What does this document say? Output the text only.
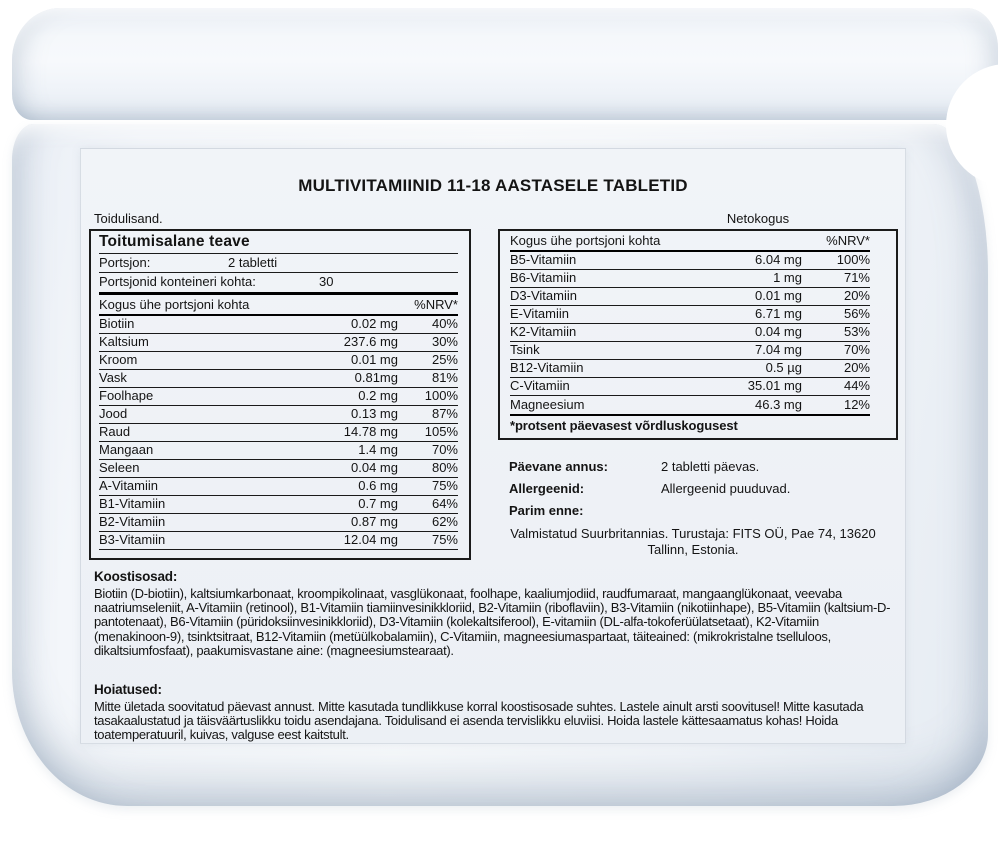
MULTIVITAMIINID 11-18 AASTASELE TABLETID
Toidulisand.	Netokogus
Toitumisalane teave
Portsjon:	2 tabletti
Portsjonid konteineri kohta:	30
Kogus ühe portsjoni kohta	%NRV*
Biotiin	0.02 mg	40%
Kaltsium	237.6 mg	30%
Kroom	0.01 mg	25%
Vask	0.81mg	81%
Foolhape	0.2 mg	100%
Jood	0.13 mg	87%
Raud	14.78 mg	105%
Mangaan	1.4 mg	70%
Seleen	0.04 mg	80%
A-Vitamiin	0.6 mg	75%
B1-Vitamiin	0.7 mg	64%
B2-Vitamiin	0.87 mg	62%
B3-Vitamiin	12.04 mg	75%
Kogus ühe portsjoni kohta	%NRV*
B5-Vitamiin	6.04 mg	100%
B6-Vitamiin	1 mg	71%
D3-Vitamiin	0.01 mg	20%
E-Vitamiin	6.71 mg	56%
K2-Vitamiin	0.04 mg	53%
Tsink	7.04 mg	70%
B12-Vitamiin	0.5 µg	20%
C-Vitamiin	35.01 mg	44%
Magneesium	46.3 mg	12%
*protsent päevasest võrdluskogusest
Päevane annus:	2 tabletti päevas.
Allergeenid:	Allergeenid puuduvad.
Parim enne:
Valmistatud Suurbritannias. Turustaja: FITS OÜ, Pae 74, 13620 Tallinn, Estonia.
Koostisosad:
Biotiin (D-biotiin), kaltsiumkarbonaat, kroompikolinaat, vasglükonaat, foolhape, kaaliumjodiid, raudfumaraat, mangaanglükonaat, veevaba naatriumseleniit, A-Vitamiin (retinool), B1-Vitamiin tiamiinvesinikkloriid, B2-Vitamiin (riboflaviin), B3-Vitamiin (nikotiinhape), B5-Vitamiin (kaltsium-D-pantotenaat), B6-Vitamiin (püridoksiinvesinikkloriid), D3-Vitamiin (kolekaltsiferool), E-vitamiin (DL-alfa-tokoferüülatsetaat), K2-Vitamiin (menakinoon-9), tsinktsitraat, B12-Vitamiin (metüülkobalamiin), C-Vitamiin, magneesiumaspartaat, täiteained: (mikrokristalne tselluloos, dikaltsiumfosfaat), paakumisvastane aine: (magneesiumstearaat).
Hoiatused:
Mitte ületada soovitatud päevast annust. Mitte kasutada tundlikkuse korral koostisosade suhtes. Lastele ainult arsti soovitusel! Mitte kasutada tasakaalustatud ja täisväärtuslikku toidu asendajana. Toidulisand ei asenda tervislikku eluviisi. Hoida lastele kättesaamatus kohas! Hoida toatemperatuuril, kuivas, valguse eest kaitstult.
